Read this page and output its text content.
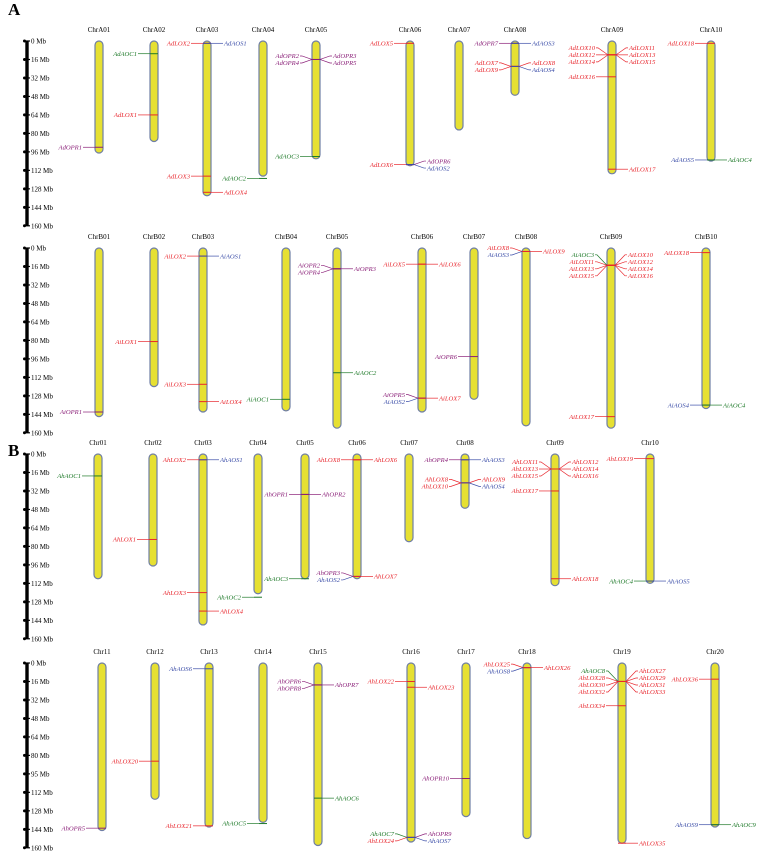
A
B
0 Mb
16 Mb
32 Mb
48 Mb
64 Mb
80 Mb
96 Mb
112 Mb
128 Mb
144 Mb
160 Mb
ChrA01
AdOPR1
ChrA02
AdAOC1
AdLOX1
ChrA03
AdLOX2	AdAOS1
AdLOX3
AdLOX4
ChrA04
AdAOC2
ChrA05
AdOPR2
AdOPR4
AdOPR3
AdOPR5
AdAOC3
ChrA06
AdLOX5
AdLOX6	AdOPR6
AdAOS2
ChrA07	ChrA08
AdOPR7	AdAOS3
AdLOX7
AdLOX9
AdLOX8
AdAOS4
ChrA09
AdLOX10
AdLOX12
AdLOX14
AdLOX11
AdLOX13
AdLOX15
AdLOX16
AdLOX17
ChrA10
AdLOX18
AdAOS5	AdAOC4
0 Mb
16 Mb
32 Mb
48 Mb
64 Mb
80 Mb
96 Mb
112 Mb
128 Mb
144 Mb
160 Mb
ChrB01
AiOPR1
ChrB02
AiLOX1
ChrB03
AiLOX2	AiAOS1
AiLOX3
AiLOX4
ChrB04
AiAOC1
ChrB05
AiOPR2
AiOPR4	AiOPR3
AiAOC2
ChrB06
AiLOX5	AiLOX6
AiOPR5
AiAOS2	AiLOX7
ChrB07
AiOPR6
ChrB08
AiLOX8
AiAOS3
AiLOX9
ChrB09
AiAOC3
AiLOX11
AiLOX13
AiLOX15
AiLOX10
AiLOX12
AiLOX14
AiLOX16
AiLOX17
ChrB10
AiLOX18
AiAOS4	AiAOC4
0 Mb
16 Mb
32 Mb
48 Mb
64 Mb
80 Mb
96 Mb
112 Mb
128 Mb
144 Mb
160 Mb
Chr01
AhAOC1
Chr02
AhLOX1
Chr03
AhLOX2	AhAOS1
AhLOX3
AhLOX4
Chr04
AhAOC2
Chr05
AhOPR1	AhOPR2
AhAOC3
Chr06
AhLOX8	AhLOX6
AhOPR3
AhAOS2	AhLOX7
Chr07	Chr08
AhOPR4	AhAOS3
AhLOX8
AhLOX10
AhLOX9
AhAOS4
Chr09
AhLOX11
AhLOX13
AhLOX15
AhLOX12
AhLOX14
AhLOX16
AhLOX17
AhLOX18
Chr10
AhLOX19
AhAOC4	AhAOS5
0 Mb
16 Mb
32 Mb
48 Mb
64 Mb
80 Mb
95 Mb
112 Mb
128 Mb
144 Mb
160 Mb
Chr11
AhOPR5
Chr12
AhLOX20
Chr13
AhAOS6
AhLOX21
Chr14
AhAOC5
Chr15
AhOPR6
AhOPR8	AhOPR7
AhAOC6
Chr16
AhLOX22
AhLOX23
AhAOC7
AhLOX24
AhOPR9
AhAOS7
Chr17
AhOPR10
Chr18
AhLOX25
AhAOS8	AhLOX26
Chr19
AhAOC8
AhLOX28
AhLOX30
AhLOX32
AhLOX27
AhLOX29
AhLOX31
AhLOX33
AhLOX34
AhLOX35
Chr20
AhLOX36
AhAOS9	AhAOC9
